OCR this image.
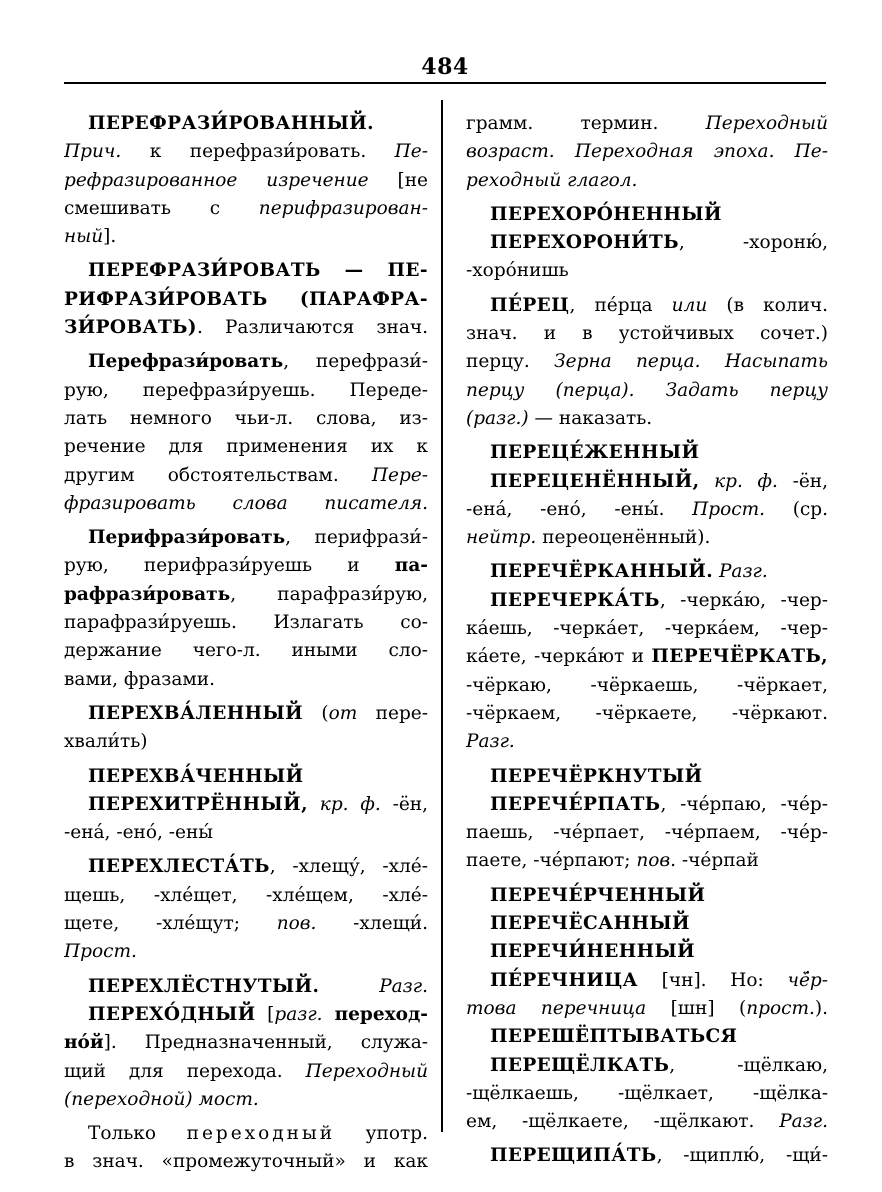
484
ПЕРЕФРАЗИ́РОВАННЫЙ.
Прич. к перефрази́ровать. Пе-
рефразированное изречение [не
смешивать с перифразирован-
ный].
ПЕРЕФРАЗИ́РОВАТЬ — ПЕ-
РИФРАЗИ́РОВАТЬ (ПАРАФРА-
ЗИ́РОВАТЬ). Различаются знач.
Перефрази́ровать, перефрази́-
рую, перефрази́руешь. Переде-
лать немного чьи-л. слова, из-
речение для применения их к
другим обстоятельствам. Пере-
фразировать слова писателя.
Перифрази́ровать, перифрази́-
рую, перифрази́руешь и па-
рафрази́ровать, парафрази́рую,
парафрази́руешь. Излагать со-
держание чего-л. иными сло-
вами, фразами.
ПЕРЕХВА́ЛЕННЫЙ (от пере-
хвали́ть)
ПЕРЕХВА́ЧЕННЫЙ
ПЕРЕХИТРЁННЫЙ, кр. ф. -ён,
-ена́, -ено́, -ены́
ПЕРЕХЛЕСТА́ТЬ, -хлещу́, -хле́-
щешь, -хле́щет, -хле́щем, -хле́-
щете, -хле́щут; пов. -хлещи́.
Прост.
ПЕРЕХЛЁСТНУТЫЙ.	Разг.
ПЕРЕХО́ДНЫЙ [разг. переход-
но́й]. Предназначенный, служа-
щий для перехода. Переходный
(переходной) мост.
Только переходный употр.
в знач. «промежуточный» и как
грамм. термин. Переходный
возраст. Переходная эпоха. Пе-
реходный глагол.
ПЕРЕХОРО́НЕННЫЙ
ПЕРЕХОРОНИ́ТЬ, -хороню́,
-хоро́нишь
ПЕ́РЕЦ, пе́рца или (в колич.
знач. и в устойчивых сочет.)
перцу. Зерна перца. Насыпать
перцу (перца). Задать перцу
(разг.) — наказать.
ПЕРЕЦЕ́ЖЕННЫЙ
ПЕРЕЦЕНЁННЫЙ, кр. ф. -ён,
-ена́, -ено́, -ены́. Прост. (ср.
нейтр. переоценённый).
ПЕРЕЧЁРКАННЫЙ. Разг.
ПЕРЕЧЕРКА́ТЬ, -черка́ю, -чер-
ка́ешь, -черка́ет, -черка́ем, -чер-
ка́ете, -черка́ют и ПЕРЕЧЁРКАТЬ,
-чёркаю, -чёркаешь, -чёркает,
-чёркаем, -чёркаете, -чёркают.
Разг.
ПЕРЕЧЁРКНУТЫЙ
ПЕРЕЧЕ́РПАТЬ, -че́рпаю, -че́р-
паешь, -че́рпает, -че́рпаем, -че́р-
паете, -че́рпают; пов. -че́рпай
ПЕРЕЧЕ́РЧЕННЫЙ
ПЕРЕЧЁСАННЫЙ
ПЕРЕЧИ́НЕННЫЙ
ПЕ́РЕЧНИЦА [чн]. Но: чё́р-
това перечница [шн] (прост.).
ПЕРЕШЁПТЫВАТЬСЯ
ПЕРЕЩЁЛКАТЬ, -щёлкаю,
-щёлкаешь, -щёлкает, -щёлка-
ем, -щёлкаете, -щёлкают. Разг.
ПЕРЕЩИПА́ТЬ, -щиплю́, -щи́-
